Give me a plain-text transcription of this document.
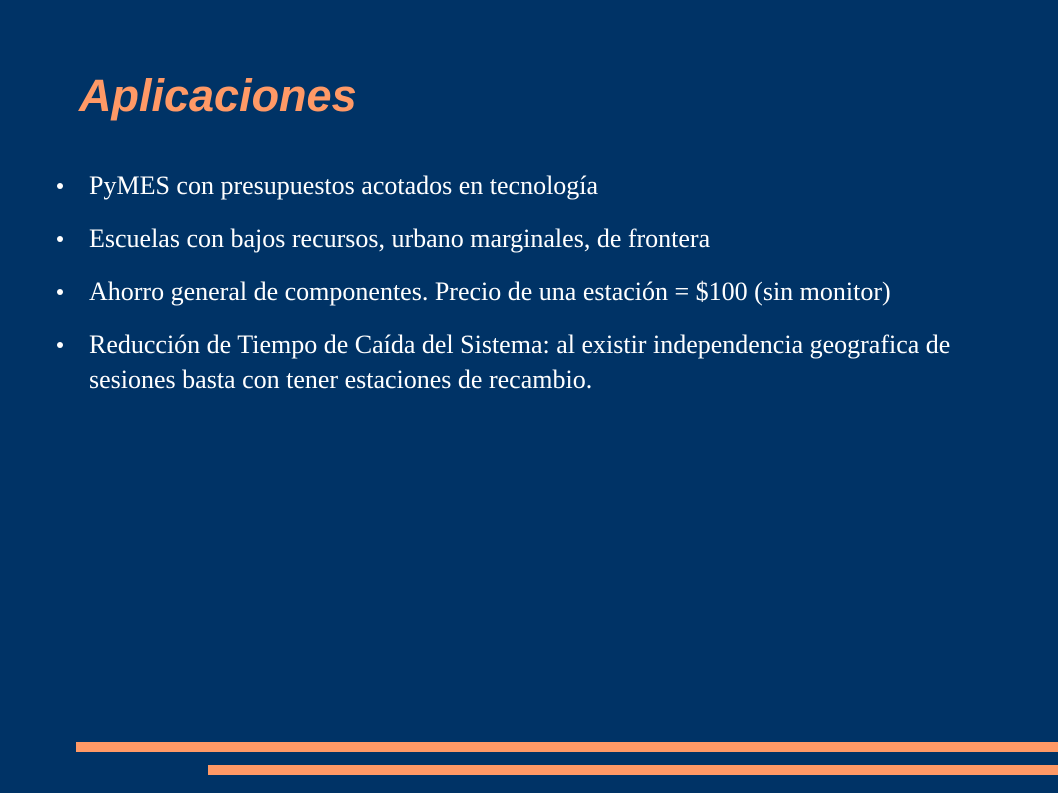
Aplicaciones
PyMES con presupuestos acotados en tecnología
Escuelas con bajos recursos, urbano marginales, de frontera
Ahorro general de componentes. Precio de una estación = $100 (sin monitor)
Reducción de Tiempo de Caída del Sistema: al existir independencia geografica de sesiones basta con tener estaciones de recambio.
